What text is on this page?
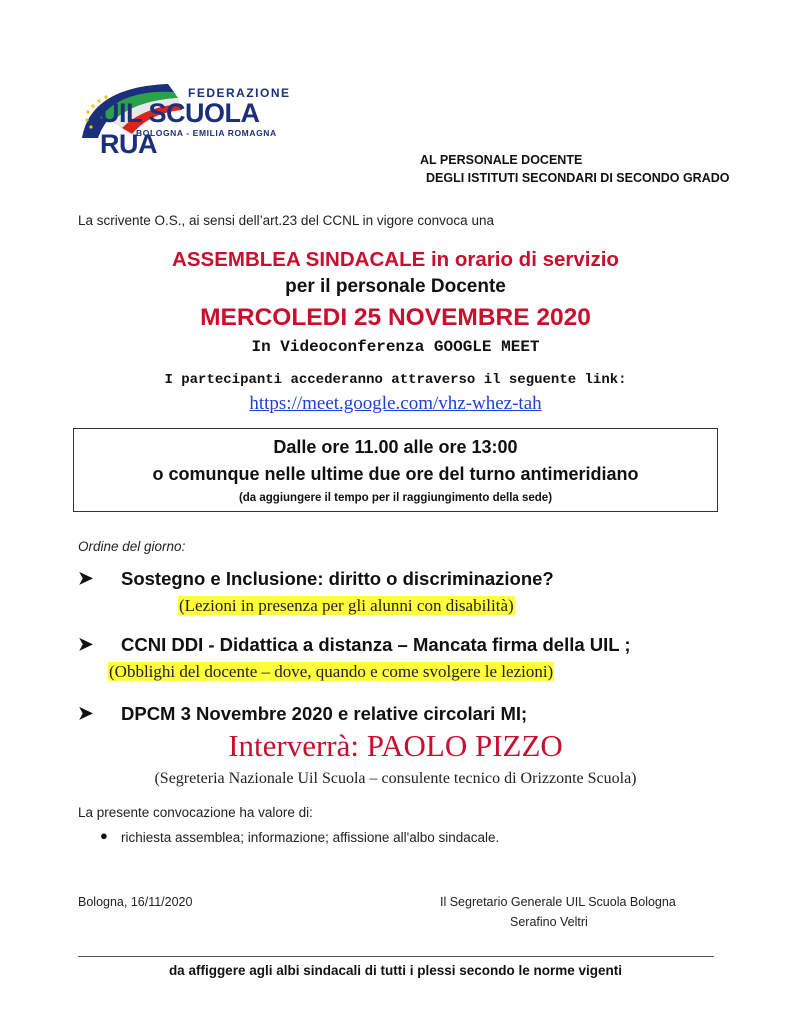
FEDERAZIONE
UIL SCUOLA RUA
BOLOGNA - EMILIA ROMAGNA
AL PERSONALE DOCENTE
DEGLI ISTITUTI SECONDARI DI SECONDO GRADO
La scrivente O.S., ai sensi dell’art.23 del CCNL in vigore convoca una
ASSEMBLEA SINDACALE in orario di servizio
per il personale Docente
MERCOLEDI 25 NOVEMBRE 2020
In Videoconferenza GOOGLE MEET
I partecipanti accederanno attraverso il seguente link:
https://meet.google.com/vhz-whez-tah
Dalle ore 11.00 alle ore 13:00
o comunque nelle ultime due ore del turno antimeridiano
(da aggiungere il tempo per il raggiungimento della sede)
Ordine del giorno:
➤ Sostegno e Inclusione: diritto o discriminazione?
(Lezioni in presenza per gli alunni con disabilità)
➤ CCNI DDI - Didattica a distanza – Mancata firma della UIL ;
(Obblighi del docente – dove, quando e come svolgere le lezioni)
➤ DPCM 3 Novembre 2020 e relative circolari MI;
Interverrà: PAOLO PIZZO
(Segreteria Nazionale Uil Scuola – consulente tecnico di Orizzonte Scuola)
La presente convocazione ha valore di:
● richiesta assemblea; informazione; affissione all'albo sindacale.
Bologna, 16/11/2020	Il Segretario Generale UIL Scuola Bologna
Serafino Veltri
da affiggere agli albi sindacali di tutti i plessi secondo le norme vigenti
